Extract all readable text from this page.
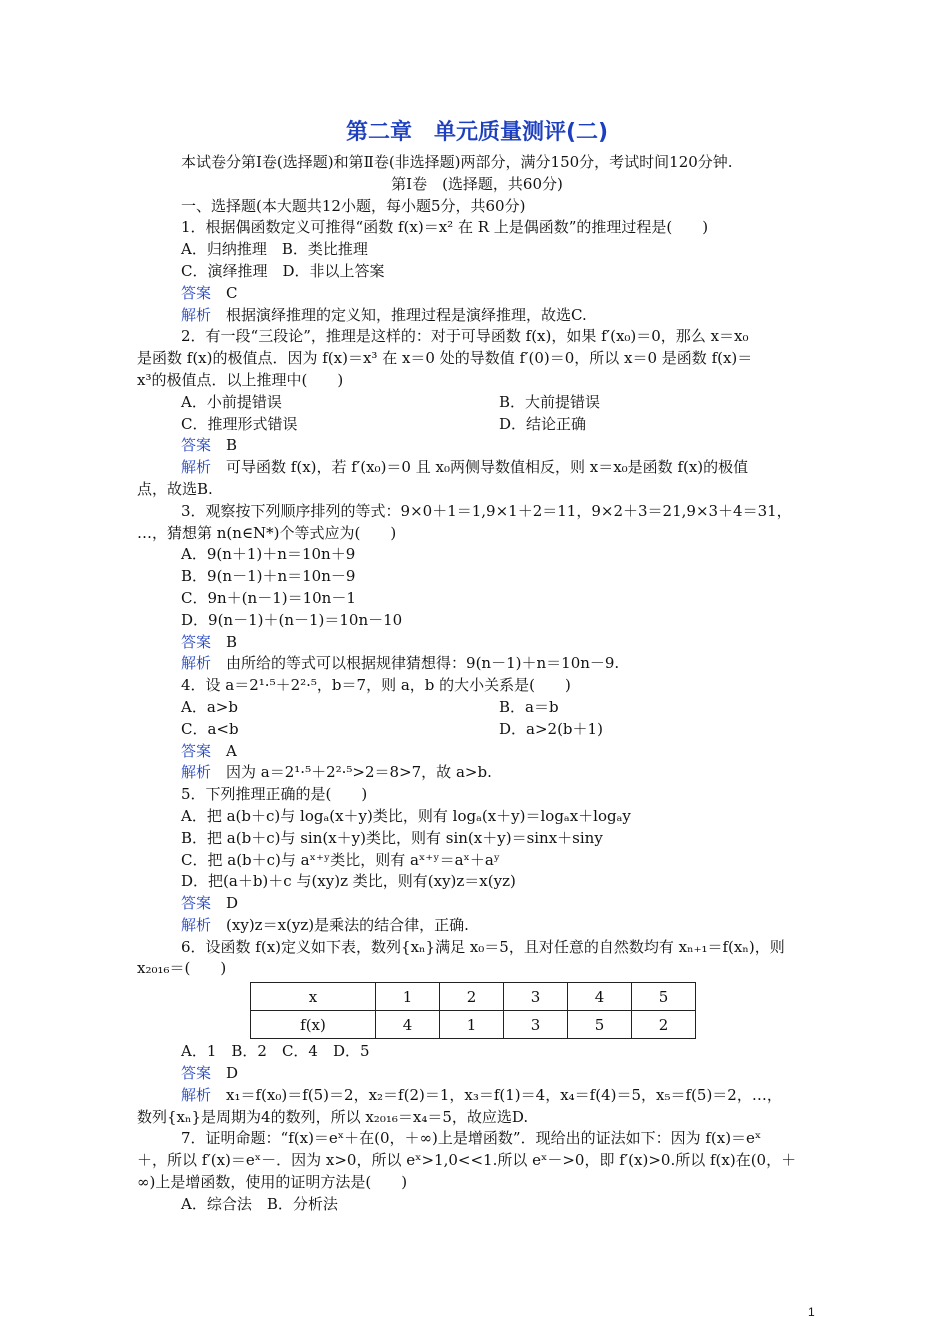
第二章　单元质量测评(二)

本试卷分第Ⅰ卷(选择题)和第Ⅱ卷(非选择题)两部分，满分150分，考试时间120分钟.

第Ⅰ卷　(选择题，共60分)

一、选择题(本大题共12小题，每小题5分，共60分)

1．根据偶函数定义可推得“函数 f(x)＝x² 在 R 上是偶函数”的推理过程是(　　)

A．归纳推理　B．类比推理

C．演绎推理　D．非以上答案

答案　 C

解析　 根据演绎推理的定义知，推理过程是演绎推理，故选C.

2．有一段“三段论”，推理是这样的：对于可导函数 f(x)，如果 f′(x₀)＝0，那么 x＝x₀

是函数 f(x)的极值点．因为 f(x)＝x³ 在 x＝0 处的导数值 f′(0)＝0，所以 x＝0 是函数 f(x)＝

x³的极值点．以上推理中(　　)

A．小前提错误	B．大前提错误
C．推理形式错误	D．结论正确

答案　 B

解析　 可导函数 f(x)，若 f′(x₀)＝0 且 x₀两侧导数值相反，则 x＝x₀是函数 f(x)的极值

点，故选B.

3．观察按下列顺序排列的等式：9×0＋1＝1,9×1＋2＝11，9×2＋3＝21,9×3＋4＝31，

…，猜想第 n(n∈N*)个等式应为(　　)

A．9(n＋1)＋n＝10n＋9

B．9(n－1)＋n＝10n－9

C．9n＋(n－1)＝10n－1

D．9(n－1)＋(n－1)＝10n－10

答案　 B

解析　 由所给的等式可以根据规律猜想得：9(n－1)＋n＝10n－9.

4．设 a＝2¹·⁵＋2²·⁵，b＝7，则 a，b 的大小关系是(　　)

A．a>b	B．a＝b
C．a<b	D．a>2(b＋1)

答案　 A

解析　 因为 a＝2¹·⁵＋2²·⁵>2＝8>7，故 a>b.

5．下列推理正确的是(　　)

A．把 a(b＋c)与 logₐ(x＋y)类比，则有 logₐ(x＋y)＝logₐx＋logₐy

B．把 a(b＋c)与 sin(x＋y)类比，则有 sin(x＋y)＝sinx＋siny

C．把 a(b＋c)与 aˣ⁺ʸ类比，则有 aˣ⁺ʸ＝aˣ＋aʸ

D．把(a＋b)＋c 与(xy)z 类比，则有(xy)z＝x(yz)

答案　 D

解析　 (xy)z＝x(yz)是乘法的结合律，正确.

6．设函数 f(x)定义如下表，数列{xₙ}满足 x₀＝5，且对任意的自然数均有 xₙ₊₁＝f(xₙ)，则

x₂₀₁₆＝(　　)

x	1	2	3	4	5
f(x)	4	1	3	5	2

A．1　B．2　C．4　D．5

答案　 D

解析　 x₁＝f(x₀)＝f(5)＝2，x₂＝f(2)＝1，x₃＝f(1)＝4，x₄＝f(4)＝5，x₅＝f(5)＝2，…，

数列{xₙ}是周期为4的数列，所以 x₂₀₁₆＝x₄＝5，故应选D.

7．证明命题：“f(x)＝eˣ＋在(0，＋∞)上是增函数”．现给出的证法如下：因为 f(x)＝eˣ

＋，所以 f′(x)＝eˣ－．因为 x>0，所以 eˣ>1,0<<1.所以 eˣ－>0，即 f′(x)>0.所以 f(x)在(0，＋

∞)上是增函数，使用的证明方法是(　　)

A．综合法　B．分析法

1
